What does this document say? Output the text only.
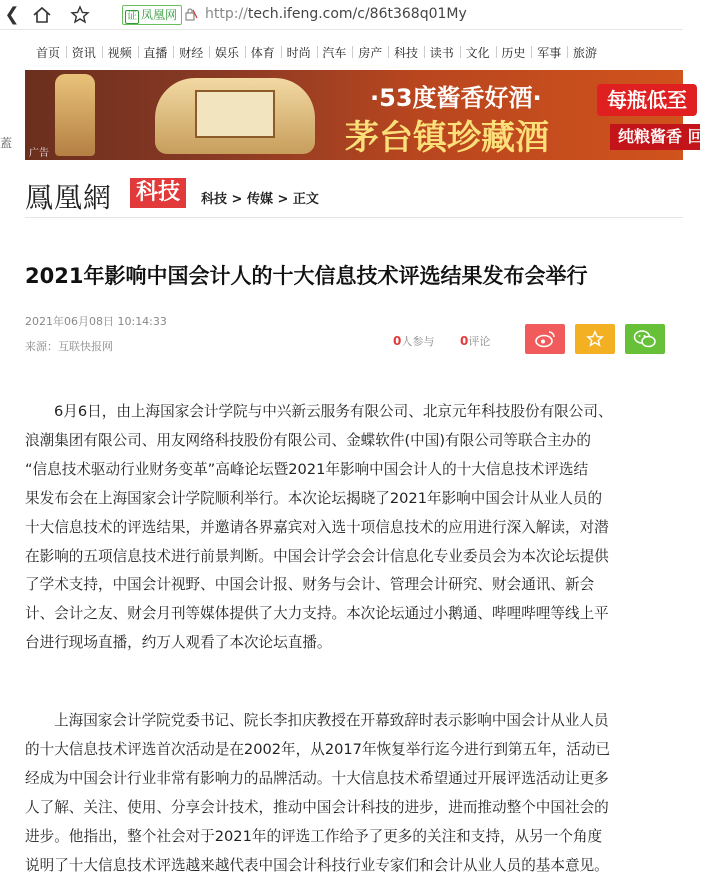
❮	证 凤凰网	http://tech.ifeng.com/c/86t368q01My
首页 资讯 视频 直播 财经 娱乐 体育 时尚 汽车 房产 科技 读书 文化 历史 军事 旅游
·53度酱香好酒·
茅台镇珍藏酒
每瓶低至
纯粮酱香 回
广告
蓋
鳳凰網 科技	科技 > 传媒 > 正文
2021年影响中国会计人的十大信息技术评选结果发布会举行
2021年06月08日 10:14:33
来源：互联快报网	0人参与 0评论
6月6日，由上海国家会计学院与中兴新云服务有限公司、北京元年科技股份有限公司、
浪潮集团有限公司、用友网络科技股份有限公司、金蝶软件(中国)有限公司等联合主办的
“信息技术驱动行业财务变革”高峰论坛暨2021年影响中国会计人的十大信息技术评选结
果发布会在上海国家会计学院顺利举行。本次论坛揭晓了2021年影响中国会计从业人员的
十大信息技术的评选结果，并邀请各界嘉宾对入选十项信息技术的应用进行深入解读，对潜
在影响的五项信息技术进行前景判断。中国会计学会会计信息化专业委员会为本次论坛提供
了学术支持，中国会计视野、中国会计报、财务与会计、管理会计研究、财会通讯、新会
计、会计之友、财会月刊等媒体提供了大力支持。本次论坛通过小鹅通、哔哩哔哩等线上平
台进行现场直播，约万人观看了本次论坛直播。
上海国家会计学院党委书记、院长李扣庆教授在开幕致辞时表示影响中国会计从业人员
的十大信息技术评选首次活动是在2002年，从2017年恢复举行迄今进行到第五年，活动已
经成为中国会计行业非常有影响力的品牌活动。十大信息技术希望通过开展评选活动让更多
人了解、关注、使用、分享会计技术，推动中国会计科技的进步，进而推动整个中国社会的
进步。他指出，整个社会对于2021年的评选工作给予了更多的关注和支持，从另一个角度
说明了十大信息技术评选越来越代表中国会计科技行业专家们和会计从业人员的基本意见。
